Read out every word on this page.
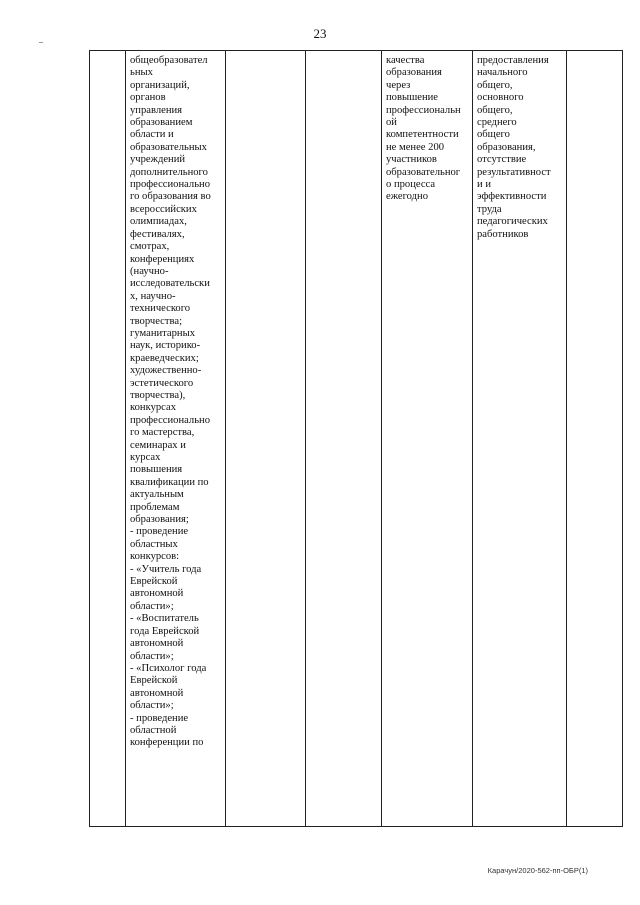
23
	общеобразовател
ьных
организаций,
органов
управления
образованием
области и
образовательных
учреждений
дополнительного
профессионально
го образования во
всероссийских
олимпиадах,
фестивалях,
смотрах,
конференциях
(научно-
исследовательски
х, научно-
технического
творчества;
гуманитарных
наук, историко-
краеведческих;
художественно-
эстетического
творчества),
конкурсах
профессионально
го мастерства,
семинарах и
курсах
повышения
квалификации по
актуальным
проблемам
образования;
- проведение
областных
конкурсов:
- «Учитель года
Еврейской
автономной
области»;
- «Воспитатель
года Еврейской
автономной
области»;
- «Психолог года
Еврейской
автономной
области»;
- проведение
областной
конференции по			качества
образования
через
повышение
профессиональн
ой
компетентности
не менее 200
участников
образовательног
о процесса
ежегодно	предоставления
начального
общего,
основного
общего,
среднего
общего
образования,
отсутствие
результативност
и и
эффективности
труда
педагогических
работников	
Карачун/2020-562-пп-ОБР(1)
